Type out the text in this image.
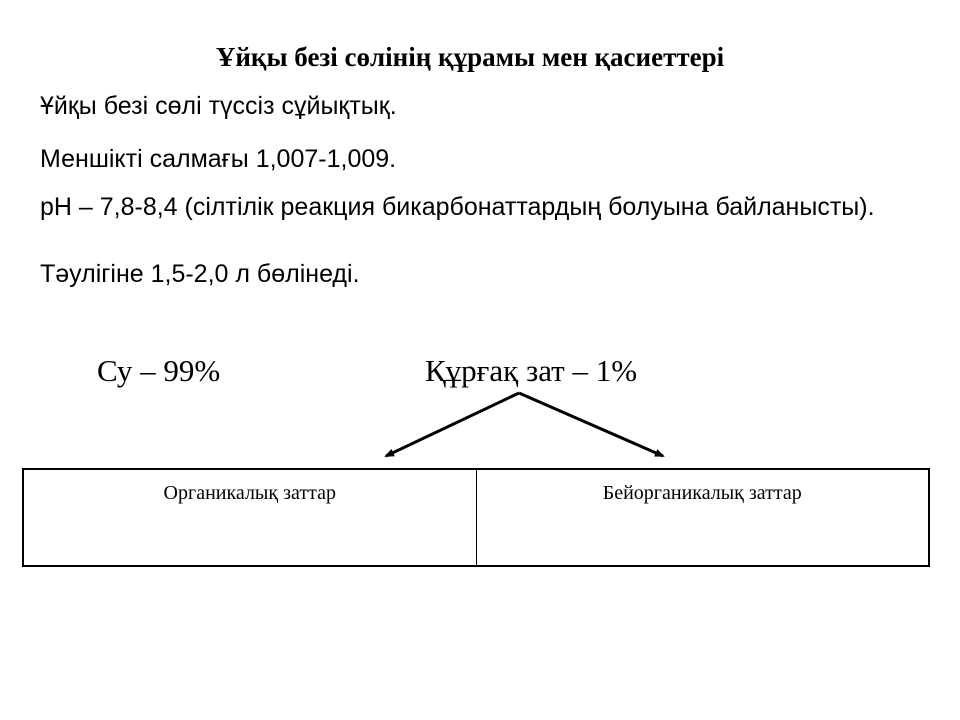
Ұйқы безі сөлінің құрамы мен қасиеттері
Ұйқы безі сөлі түссіз сұйықтық.
Меншікті салмағы 1,007-1,009.
рН – 7,8-8,4 (сілтілік реакция бикарбонаттардың болуына байланысты).
Тәулігіне 1,5-2,0 л бөлінеді.
Су – 99%	Құрғақ зат – 1%
Органикалық заттар	Бейорганикалық заттар
